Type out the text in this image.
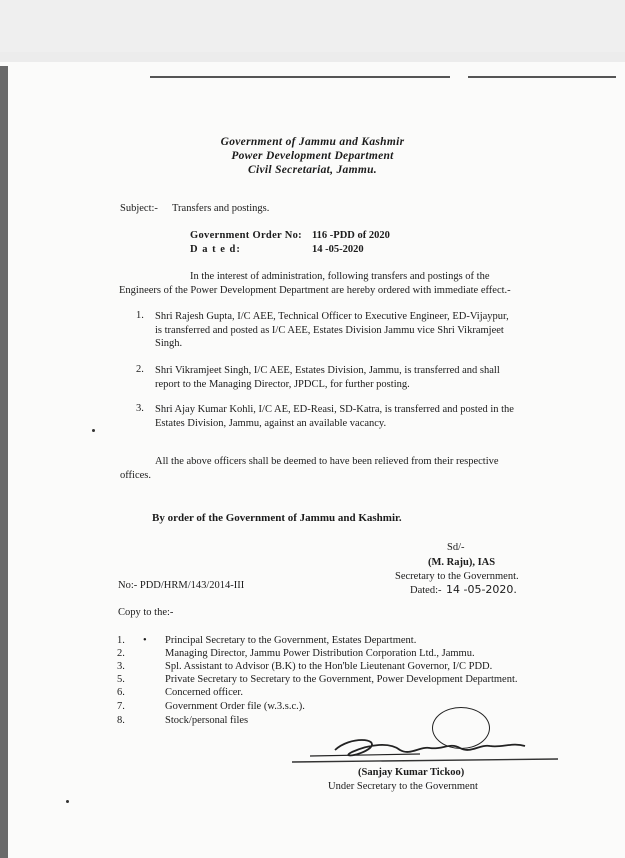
Government of Jammu and Kashmir
Power Development Department
Civil Secretariat, Jammu.
Subject:- Transfers and postings.
Government Order No: 116 -PDD of 2020
D a t e d:	14 -05-2020
In the interest of administration, following transfers and postings of the
Engineers of the Power Development Department are hereby ordered with immediate effect.-
1. Shri Rajesh Gupta, I/C AEE, Technical Officer to Executive Engineer, ED-Vijaypur,
is transferred and posted as I/C AEE, Estates Division Jammu vice Shri Vikramjeet
Singh.
2. Shri Vikramjeet Singh, I/C AEE, Estates Division, Jammu, is transferred and shall
report to the Managing Director, JPDCL, for further posting.
3. Shri Ajay Kumar Kohli, I/C AE, ED-Reasi, SD-Katra, is transferred and posted in the
Estates Division, Jammu, against an available vacancy.
All the above officers shall be deemed to have been relieved from their respective
offices.
By order of the Government of Jammu and Kashmir.
Sd/-
(M. Raju), IAS
Secretary to the Government.
Dated:- 14 -05-2020.
No:- PDD/HRM/143/2014-III
Copy to the:-
1. • Principal Secretary to the Government, Estates Department.
2.	Managing Director, Jammu Power Distribution Corporation Ltd., Jammu.
3.	Spl. Assistant to Advisor (B.K) to the Hon'ble Lieutenant Governor, I/C PDD.
5.	Private Secretary to Secretary to the Government, Power Development Department.
6.	Concerned officer.
7.	Government Order file (w.3.s.c.).
8.	Stock/personal files
(Sanjay Kumar Tickoo)
Under Secretary to the Government
